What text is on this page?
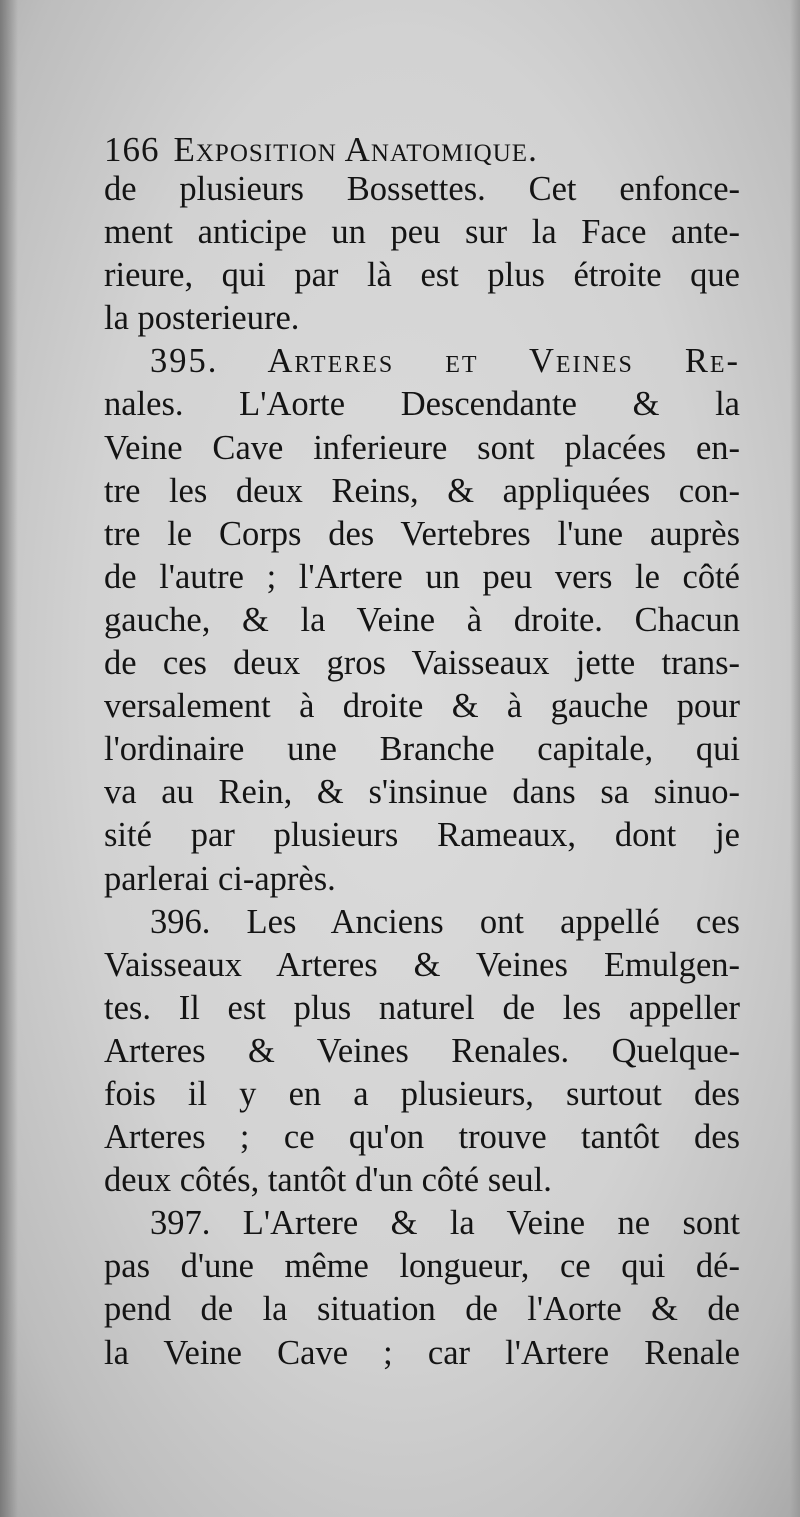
166 Exposition Anatomique.
de plusieurs Bossettes. Cet enfonce-
ment anticipe un peu sur la Face ante-
rieure, qui par là est plus étroite que
la posterieure.
395. Arteres et Veines Re-
nales. L'Aorte Descendante & la
Veine Cave inferieure sont placées en-
tre les deux Reins, & appliquées con-
tre le Corps des Vertebres l'une auprès
de l'autre ; l'Artere un peu vers le côté
gauche, & la Veine à droite. Chacun
de ces deux gros Vaisseaux jette trans-
versalement à droite & à gauche pour
l'ordinaire une Branche capitale, qui
va au Rein, & s'insinue dans sa sinuo-
sité par plusieurs Rameaux, dont je
parlerai ci-après.
396. Les Anciens ont appellé ces
Vaisseaux Arteres & Veines Emulgen-
tes. Il est plus naturel de les appeller
Arteres & Veines Renales. Quelque-
fois il y en a plusieurs, surtout des
Arteres ; ce qu'on trouve tantôt des
deux côtés, tantôt d'un côté seul.
397. L'Artere & la Veine ne sont
pas d'une même longueur, ce qui dé-
pend de la situation de l'Aorte & de
la Veine Cave ; car l'Artere Renale
